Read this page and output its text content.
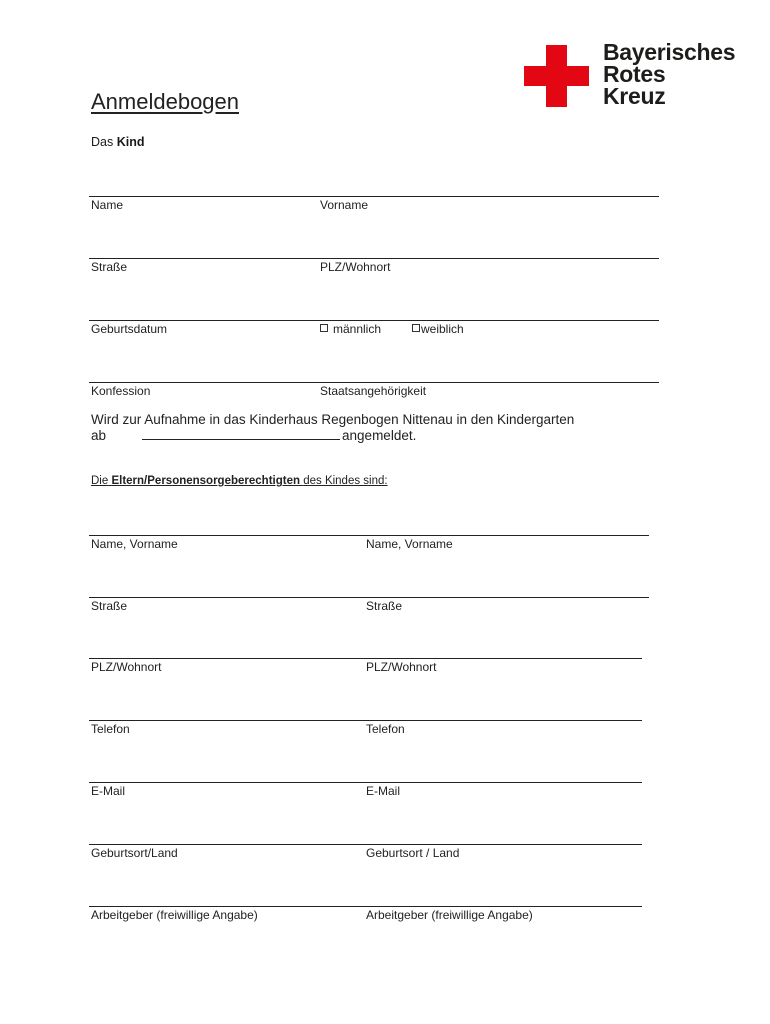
Bayerisches
Rotes
Kreuz
Anmeldebogen
Das Kind
Name	Vorname
Straße	PLZ/Wohnort
Geburtsdatum	männlich	weiblich
Konfession	Staatsangehörigkeit
Wird zur Aufnahme in das Kinderhaus Regenbogen Nittenau in den Kindergarten
ab	angemeldet.
Die Eltern/Personensorgeberechtigten des Kindes sind:
Name, Vorname	Name, Vorname
Straße	Straße
PLZ/Wohnort	PLZ/Wohnort
Telefon	Telefon
E-Mail	E-Mail
Geburtsort/Land	Geburtsort / Land
Arbeitgeber (freiwillige Angabe)	Arbeitgeber (freiwillige Angabe)
